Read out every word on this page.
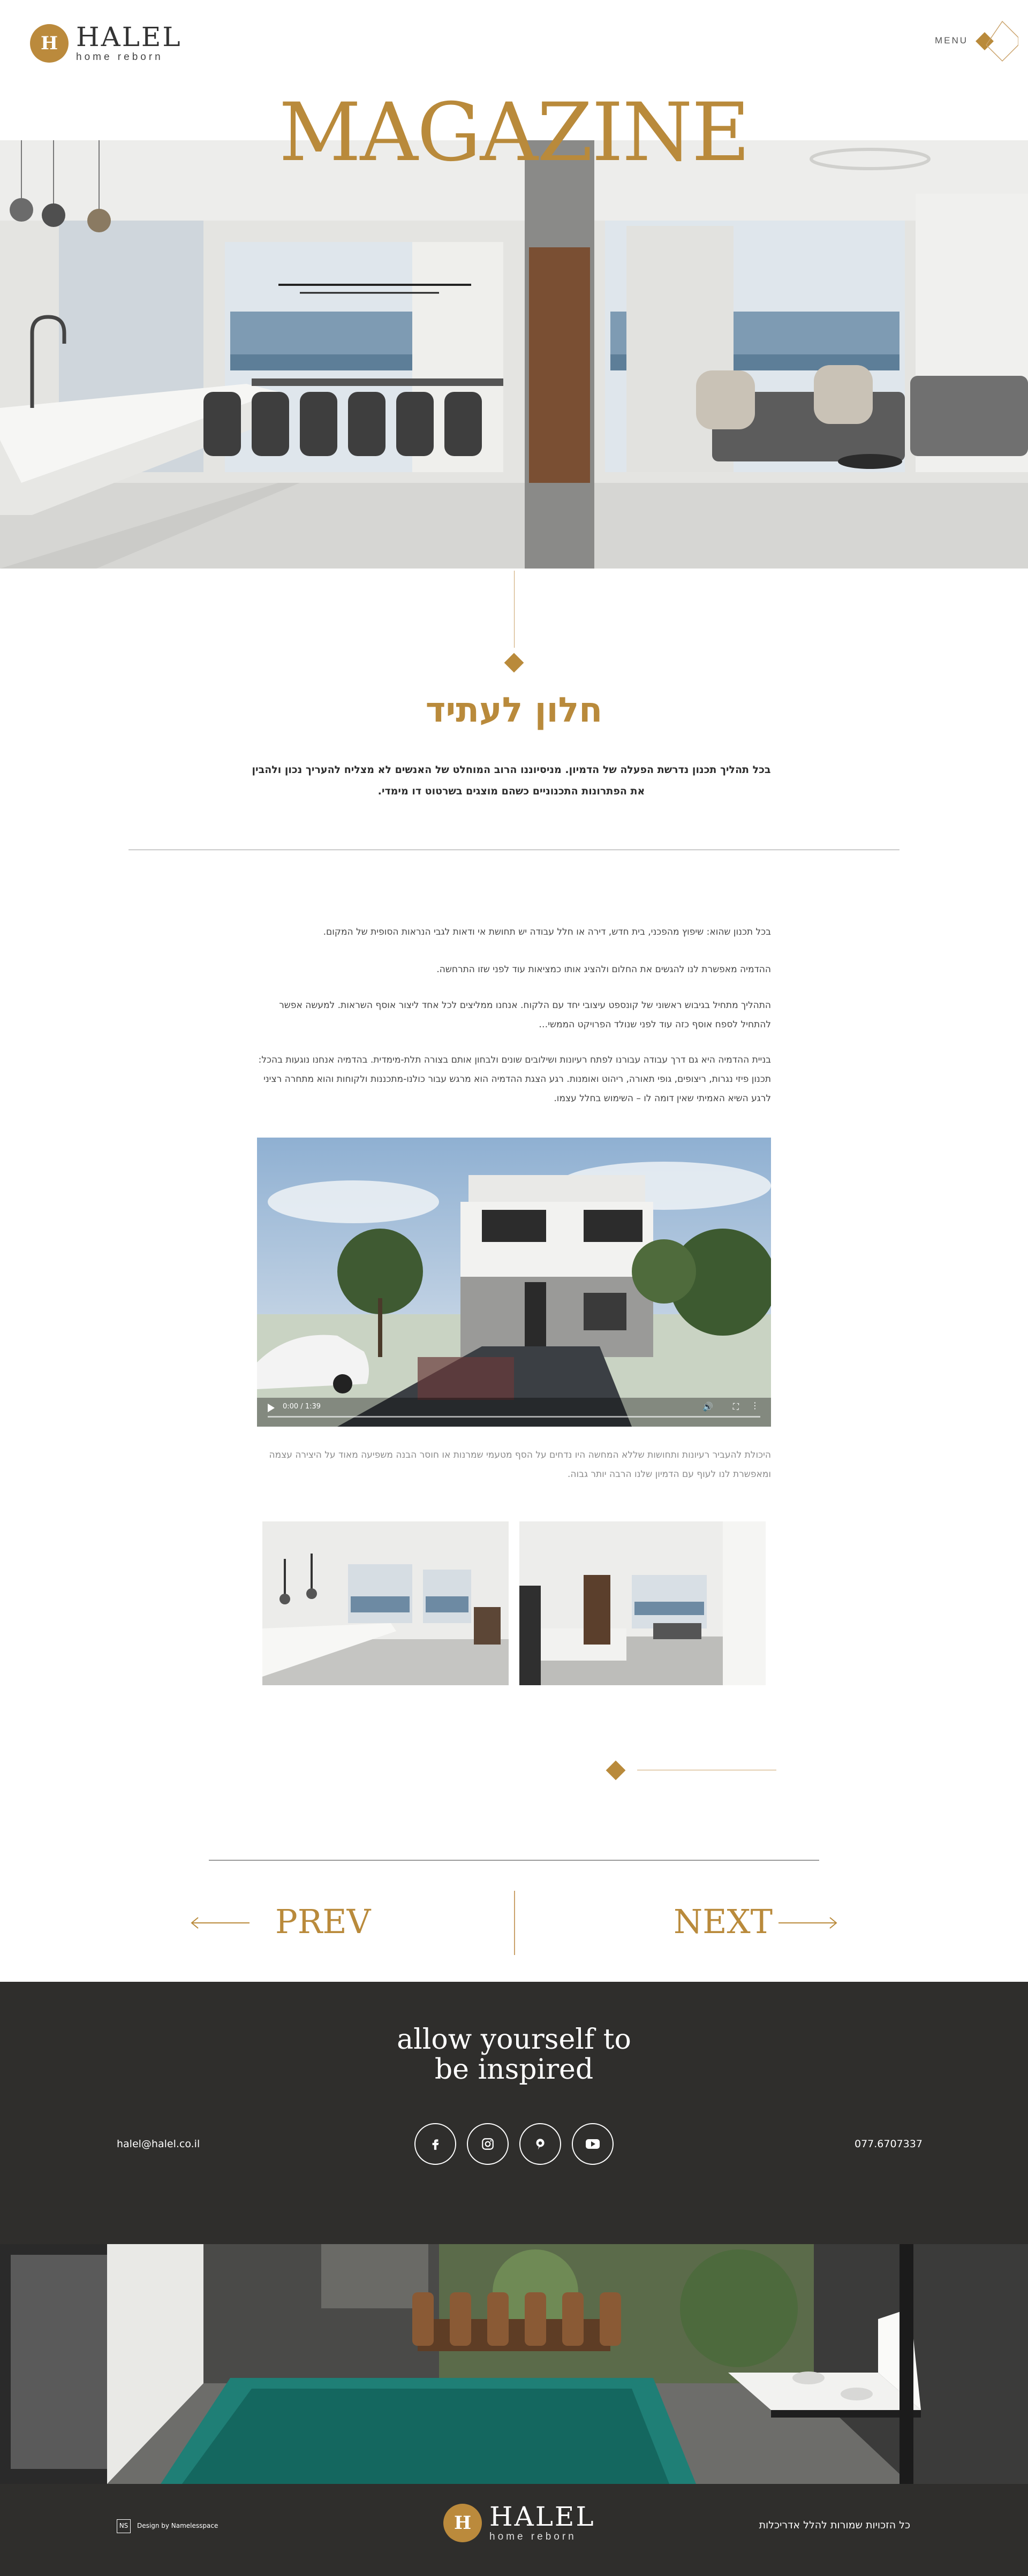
H HALEL
home reborn
MENU
MAGAZINE
חלון לעתיד

בכל תהליך תכנון נדרשת הפעלה של הדמיון. מניסיוננו הרוב המוחלט של האנשים לא מצליח להעריך נכון ולהבין את הפתרונות התכנוניים כשהם מוצגים בשרטוט דו מימדי.

בכל תכנון שהוא: שיפוץ מהפכני, בית חדש, דירה או חלל עבודה יש תחושת אי ודאות לגבי הנראות הסופית של המקום.

ההדמיה מאפשרת לנו להגשים את החלום ולהציג אותו כמציאות עוד לפני שזו התרחשה.

התהליך מתחיל בגיבוש ראשוני של קונספט עיצובי יחד עם הלקוח. אנחנו ממליצים לכל אחד ליצור אוסף השראות. למעשה אפשר להתחיל לספח אוסף כזה עוד לפני שנולד הפרויקט הממשי…

בניית ההדמיה היא גם דרך עבודה עבורנו לפתח רעיונות ושילובים שונים ולבחון אותם בצורה תלת-מימדית. בהדמיה אנחנו נוגעות בהכל: תכנון פיזי נגרות, ריצופים, גופי תאורה, ריהוט ואומנות. רגע הצגת ההדמיה הוא מרגש עבור כולנו-מתכננות ולקוחות והוא מתחרה רציני לרגע השיא האמיתי שאין דומה לו – השימוש בחלל עצמו.

0:00 / 1:39	🔊 ⛶ ⋮

היכולת להעביר רעיונות ותחושות שללא המחשה היו נדחים על הסף מטעמי שמרנות או חוסר הבנה משפיעה מאוד על היצירה עצמה ומאפשרת לנו לעוף עם הדמיון שלנו הרבה יותר גבוה.

PREV	NEXT
allow yourself to
be inspired
halel@halel.co.il	077.6707337
NS	Design by Namelesspace	H HALEL
home reborn
כל הזכויות שמורות להלל אדריכלות
